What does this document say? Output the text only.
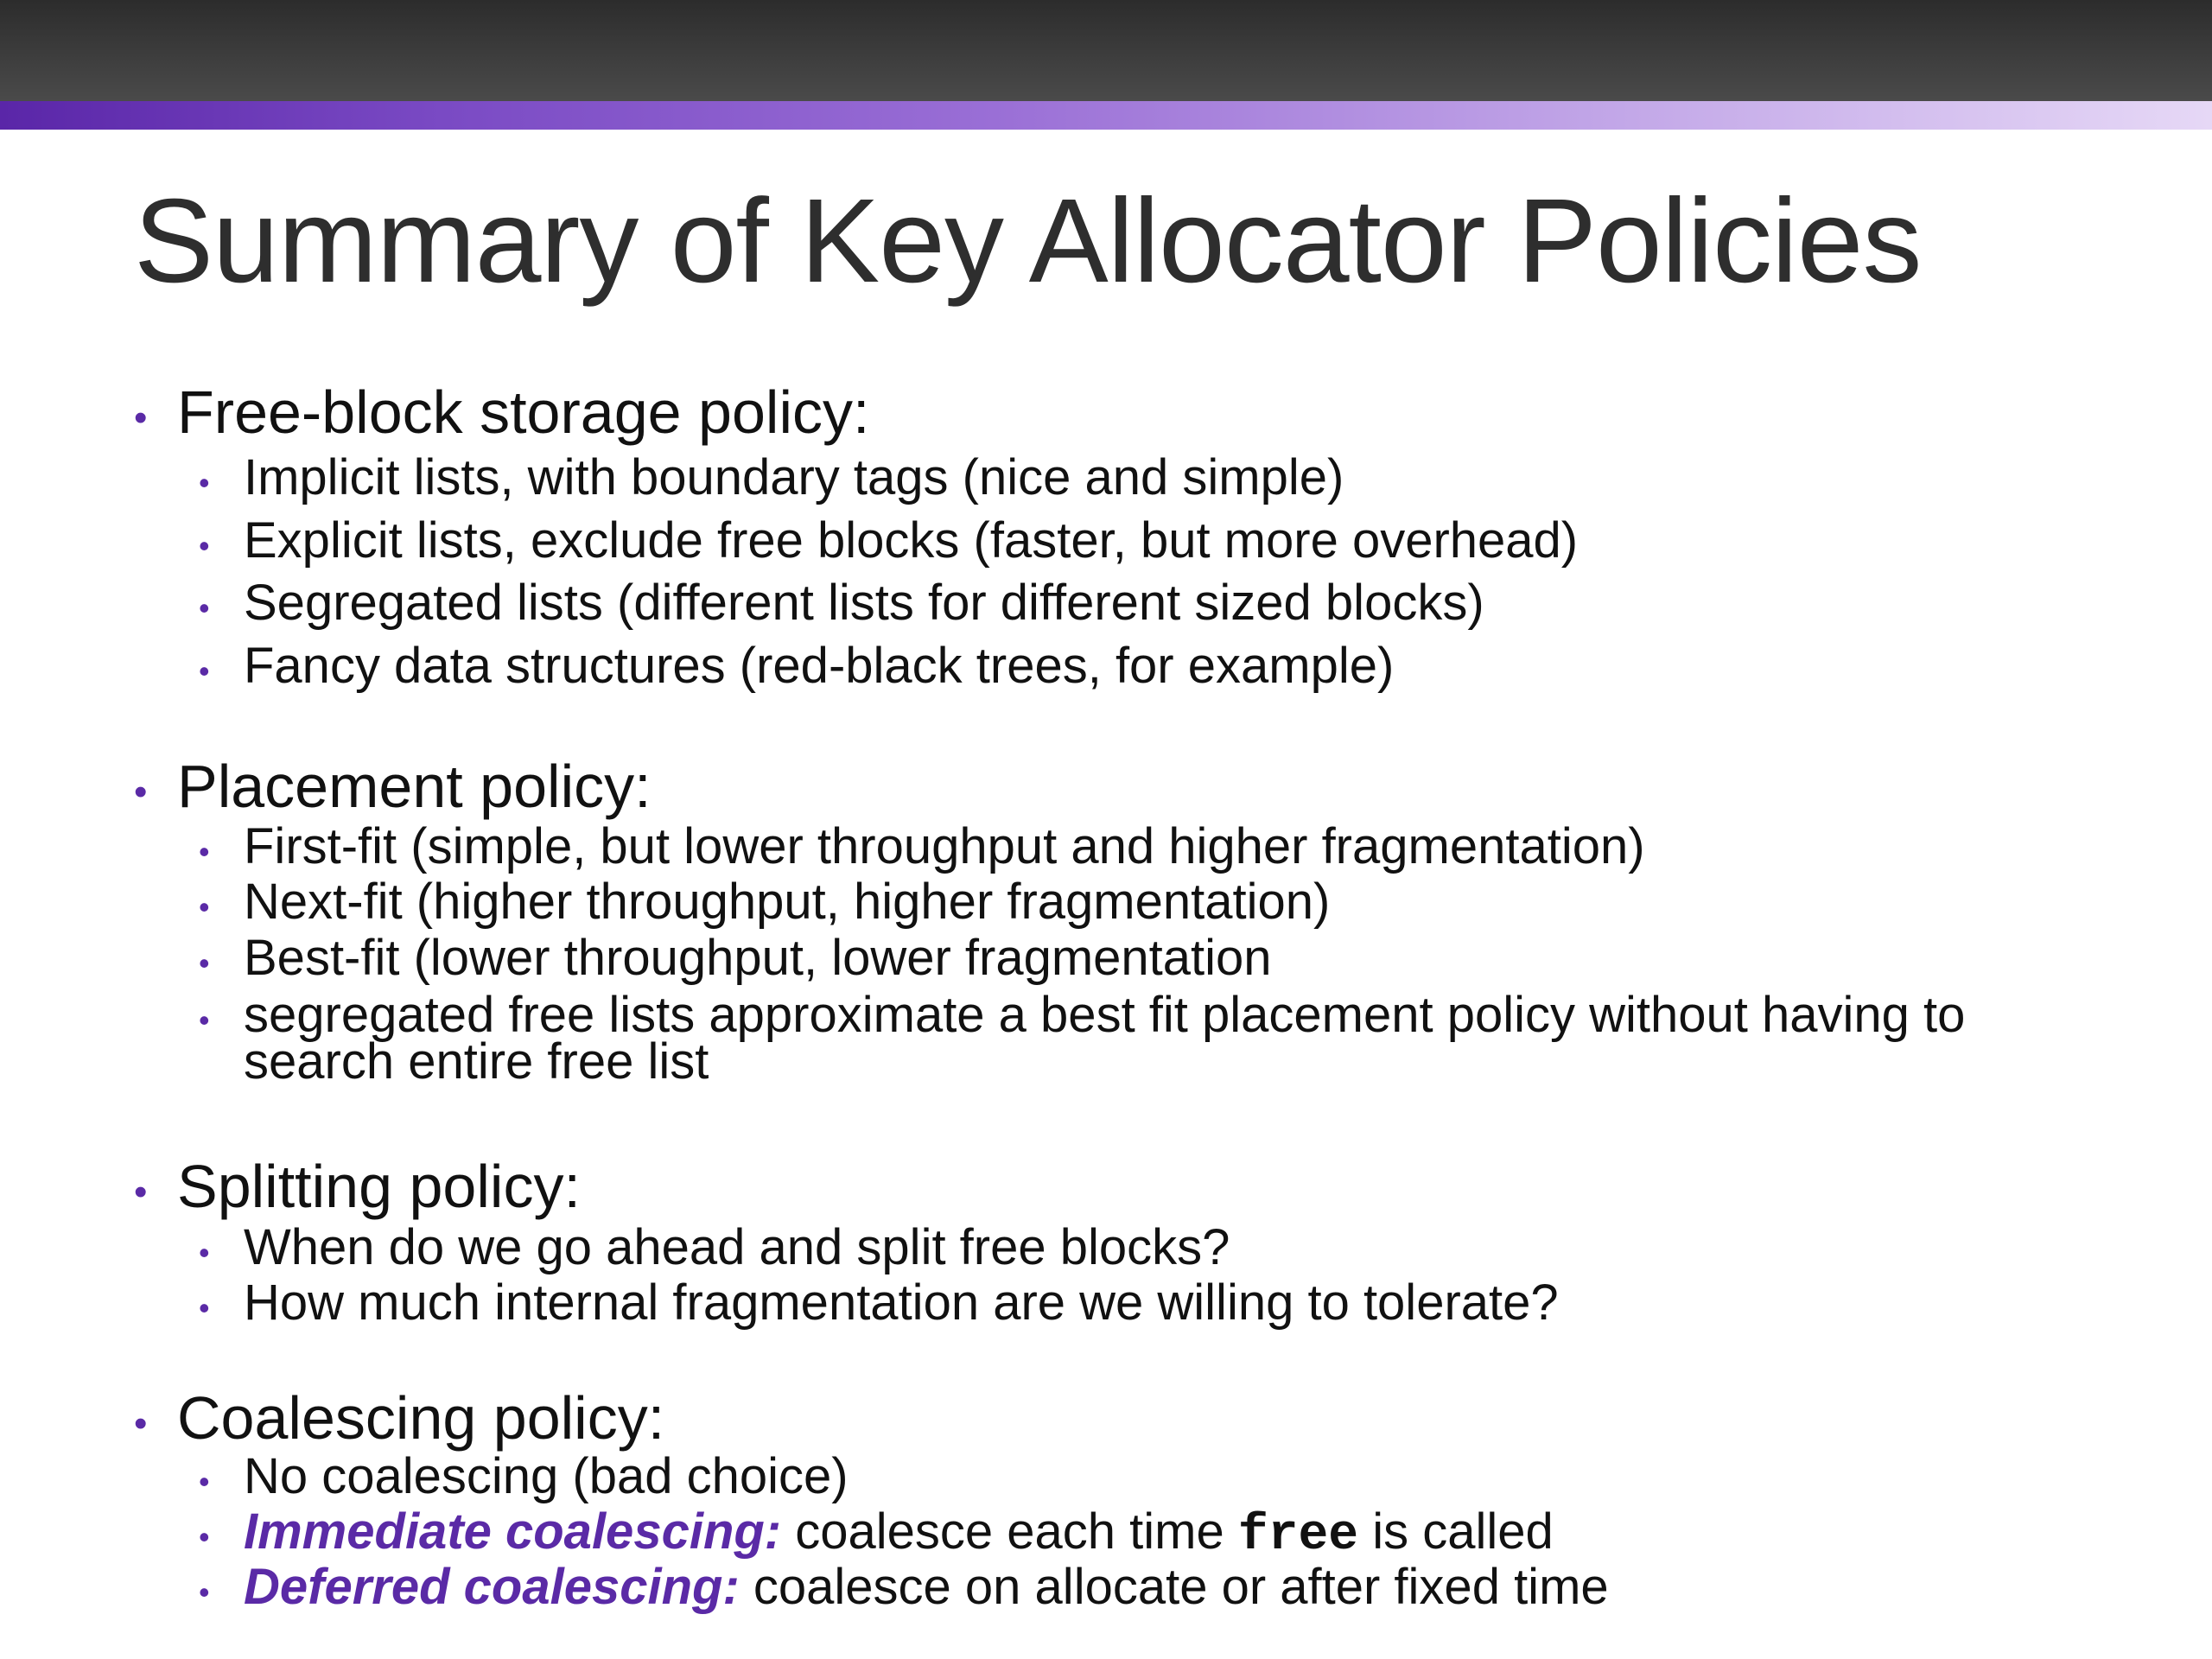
Summary of Key Allocator Policies
• Free-block storage policy:
• Implicit lists, with boundary tags (nice and simple)
• Explicit lists, exclude free blocks (faster, but more overhead)
• Segregated lists (different lists for different sized blocks)
• Fancy data structures (red-black trees, for example)
• Placement policy:
• First-fit (simple, but lower throughput and higher fragmentation)
• Next-fit (higher throughput, higher fragmentation)
• Best-fit (lower throughput, lower fragmentation
• segregated free lists approximate a best fit placement policy without having to
search entire free list
• Splitting policy:
• When do we go ahead and split free blocks?
• How much internal fragmentation are we willing to tolerate?
• Coalescing policy:
• No coalescing (bad choice)
• Immediate coalescing: coalesce each time free is called
• Deferred coalescing: coalesce on allocate or after fixed time
